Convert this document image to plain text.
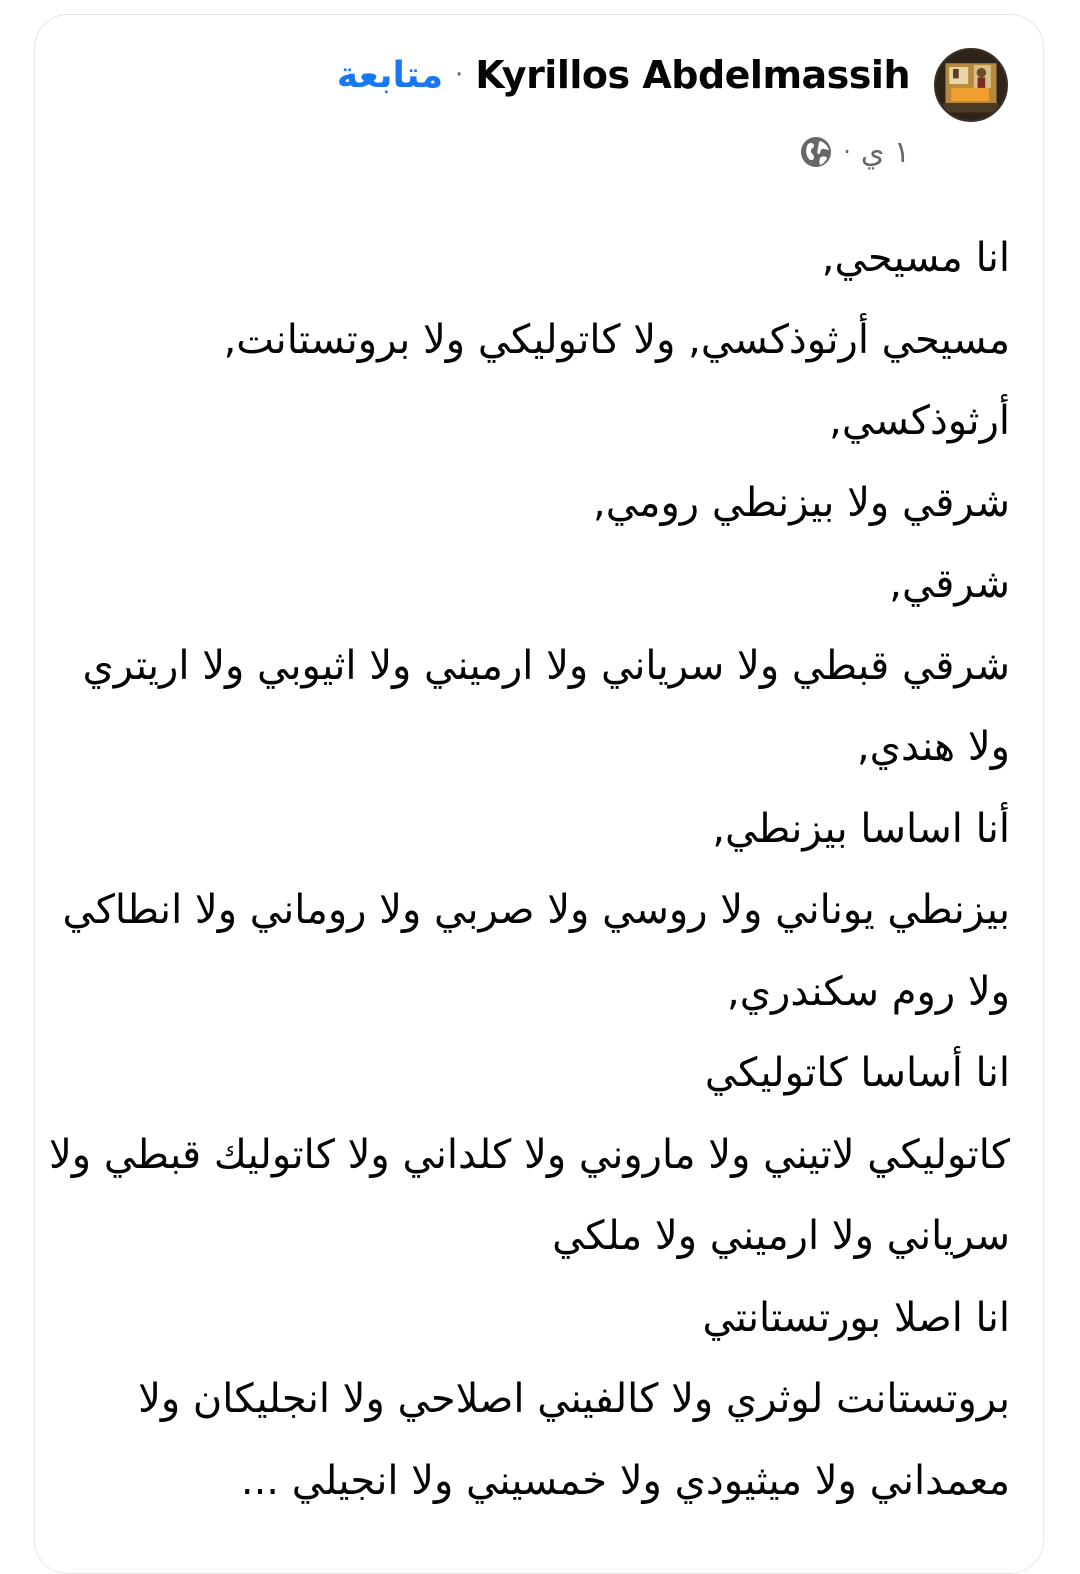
متابعة · Kyrillos Abdelmassih
· ١ ي
انا مسيحي,
مسيحي أرثوذكسي, ولا كاتوليكي ولا بروتستانت,
أرثوذكسي,
شرقي ولا بيزنطي رومي,
شرقي,
شرقي قبطي ولا سرياني ولا ارميني ولا اثيوبي ولا اريتري
ولا هندي,
أنا اساسا بيزنطي,
بيزنطي يوناني ولا روسي ولا صربي ولا روماني ولا انطاكي
ولا روم سكندري,
انا أساسا كاتوليكي
كاتوليكي لاتيني ولا ماروني ولا كلداني ولا كاتوليك قبطي ولا
سرياني ولا ارميني ولا ملكي
انا اصلا بورتستانتي
بروتستانت لوثري ولا كالفيني اصلاحي ولا انجليكان ولا
معمداني ولا ميثيودي ولا خمسيني ولا انجيلي ...
